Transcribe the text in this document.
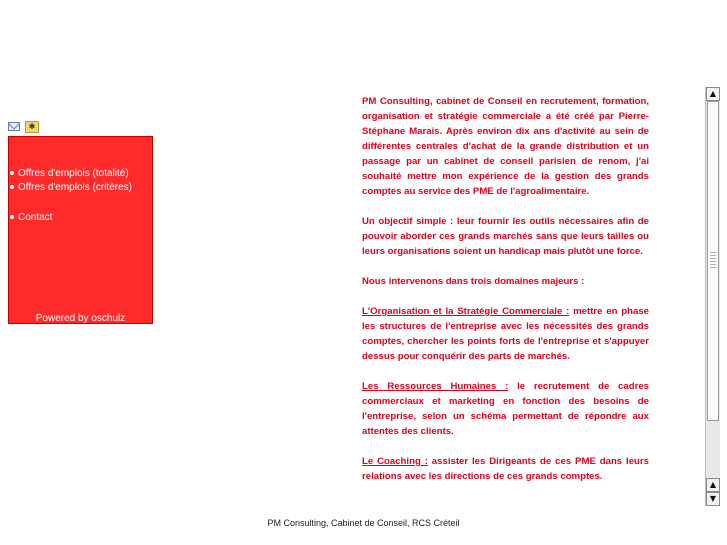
✱
Offres d'emplois (totalité)
Offres d'emplois (critères)
Contact
Powered by oschulz

PM Consulting, cabinet de Conseil en recrutement, formation, organisation et stratégie commerciale a été créé par Pierre-Stéphane Marais. Après environ dix ans d'activité au sein de différentes centrales d'achat de la grande distribution et un passage par un cabinet de conseil parisien de renom, j'ai souhaité mettre mon expérience de la gestion des grands comptes au service des PME de l'agroalimentaire.

Un objectif simple : leur fournir les outils nécessaires afin de pouvoir aborder ces grands marchés sans que leurs tailles ou leurs organisations soient un handicap mais plutôt une force.

Nous intervenons dans trois domaines majeurs :

L'Organisation et la Stratégie Commerciale : mettre en phase les structures de l'entreprise avec les nécessités des grands comptes, chercher les points forts de l'entreprise et s'appuyer dessus pour conquérir des parts de marchés.

Les Ressources Humaines : le recrutement de cadres commerciaux et marketing en fonction des besoins de l'entreprise, selon un schéma permettant de répondre aux attentes des clients.

Le Coaching : assister les Dirigeants de ces PME dans leurs relations avec les directions de ces grands comptes.

▲
▲
▼
PM Consulting, Cabinet de Conseil, RCS Créteil
